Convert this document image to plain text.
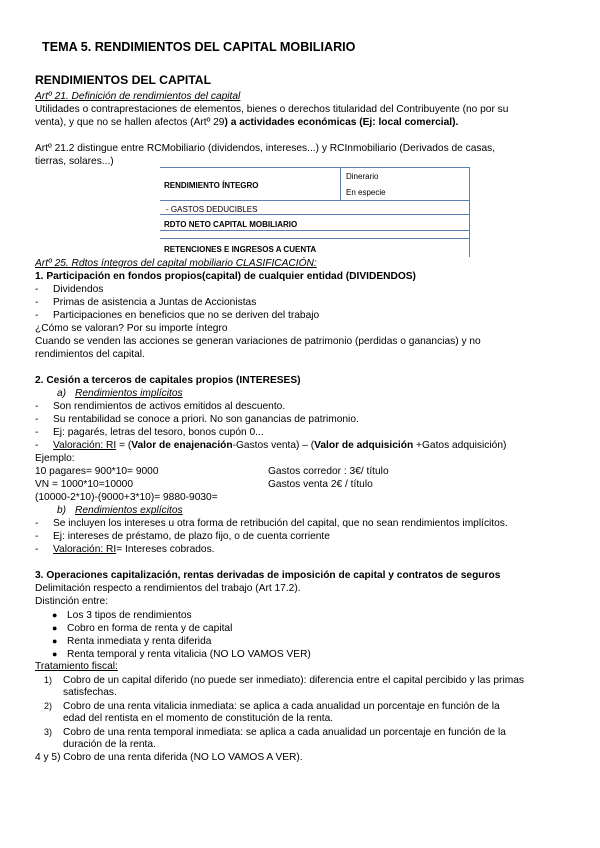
TEMA 5. RENDIMIENTOS DEL CAPITAL MOBILIARIO
RENDIMIENTOS DEL CAPITAL
Artº 21. Definición de rendimientos del capital
Utilidades o contraprestaciones de elementos, bienes o derechos titularidad del Contribuyente (no por su
venta), y que no se hallen afectos (Artº 29) a actividades económicas (Ej: local comercial).
Artº 21.2 distingue entre RCMobiliario (dividendos, intereses...) y RCInmobiliario (Derivados de casas,
tierras, solares...)
RENDIMIENTO ÍNTEGRO
Dinerario
En especie
- GASTOS DEDUCIBLES
RDTO NETO CAPITAL MOBILIARIO
RETENCIONES E INGRESOS A CUENTA
Artº 25. Rdtos íntegros del capital mobiliario CLASIFICACIÓN:
1. Participación en fondos propios(capital) de cualquier entidad (DIVIDENDOS)
- Dividendos
- Primas de asistencia a Juntas de Accionistas
- Participaciones en beneficios que no se deriven del trabajo
¿Cómo se valoran? Por su importe íntegro
Cuando se venden las acciones se generan variaciones de patrimonio (perdidas o ganancias) y no
rendimientos del capital.
2. Cesión a terceros de capitales propios (INTERESES)
a) Rendimientos implícitos
- Son rendimientos de activos emitidos al descuento.
- Su rentabilidad se conoce a priori. No son ganancias de patrimonio.
- Ej: pagarés, letras del tesoro, bonos cupón 0...
- Valoración: RI = (Valor de enajenación-Gastos venta) – (Valor de adquisición +Gatos adquisición)
Ejemplo:
10 pagares= 900*10= 9000	Gastos corredor : 3€/ título
VN = 1000*10=10000	Gastos venta 2€ / título
(10000-2*10)-(9000+3*10)= 9880-9030=
b) Rendimientos explícitos
- Se incluyen los intereses u otra forma de retribución del capital, que no sean rendimientos implícitos.
- Ej: intereses de préstamo, de plazo fijo, o de cuenta corriente
- Valoración: RI= Intereses cobrados.
3. Operaciones capitalización, rentas derivadas de imposición de capital y contratos de seguros
Delimitación respecto a rendimientos del trabajo (Art 17.2).
Distinción entre:
● Los 3 tipos de rendimientos
● Cobro en forma de renta y de capital
● Renta inmediata y renta diferida
● Renta temporal y renta vitalicia (NO LO VAMOS VER)
Tratamiento fiscal:
1) Cobro de un capital diferido (no puede ser inmediato): diferencia entre el capital percibido y las primas
satisfechas.
2) Cobro de una renta vitalicia inmediata: se aplica a cada anualidad un porcentaje en función de la
edad del rentista en el momento de constitución de la renta.
3) Cobro de una renta temporal inmediata: se aplica a cada anualidad un porcentaje en función de la
duración de la renta.
4 y 5) Cobro de una renta diferida (NO LO VAMOS A VER).
